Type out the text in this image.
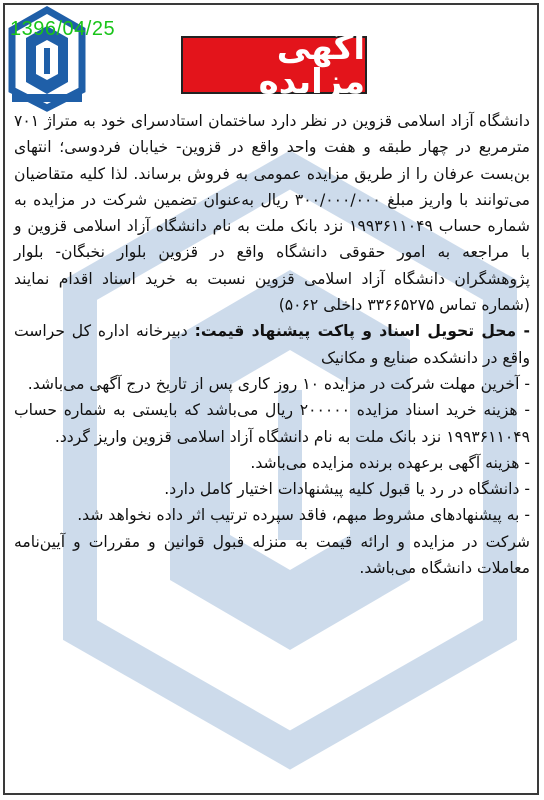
1396/04/25	آگهی مزایده

دانشگاه آزاد اسلامی قزوین در نظر دارد ساختمان استادسرای خود به متراژ ۷۰۱ مترمربع در چهار طبقه و هفت واحد واقع در قزوین- خیابان فردوسی؛ انتهای بن‌بست عرفان را از طریق مزایده عمومی به فروش برساند. لذا کلیه متقاضیان می‌توانند با واریز مبلغ ۳۰۰/۰۰۰/۰۰۰ ریال به‌عنوان تضمین شرکت در مزایده به شماره حساب ۱۹۹۳۶۱۱۰۴۹ نزد بانک ملت به نام دانشگاه آزاد اسلامی قزوین و با مراجعه به امور حقوقی دانشگاه واقع در قزوین بلوار نخبگان- بلوار پژوهشگران دانشگاه آزاد اسلامی قزوین نسبت به خرید اسناد اقدام نمایند (شماره تماس ۳۳۶۶۵۲۷۵ داخلی ۵۰۶۲)

- محل تحویل اسناد و پاکت پیشنهاد قیمت: دبیرخانه اداره کل حراست واقع در دانشکده صنایع و مکانیک

- آخرین مهلت شرکت در مزایده ۱۰ روز کاری پس از تاریخ درج آگهی می‌باشد.

- هزینه خرید اسناد مزایده ۲۰۰۰۰۰ ریال می‌باشد که بایستی به شماره حساب ۱۹۹۳۶۱۱۰۴۹ نزد بانک ملت به نام دانشگاه آزاد اسلامی قزوین واریز گردد.

- هزینه آگهی برعهده برنده مزایده می‌باشد.

- دانشگاه در رد یا قبول کلیه پیشنهادات اختیار کامل دارد.

- به پیشنهادهای مشروط مبهم، فاقد سپرده ترتیب اثر داده نخواهد شد.

شرکت در مزایده و ارائه قیمت به منزله قبول قوانین و مقررات و آیین‌نامه معاملات دانشگاه می‌باشد.
